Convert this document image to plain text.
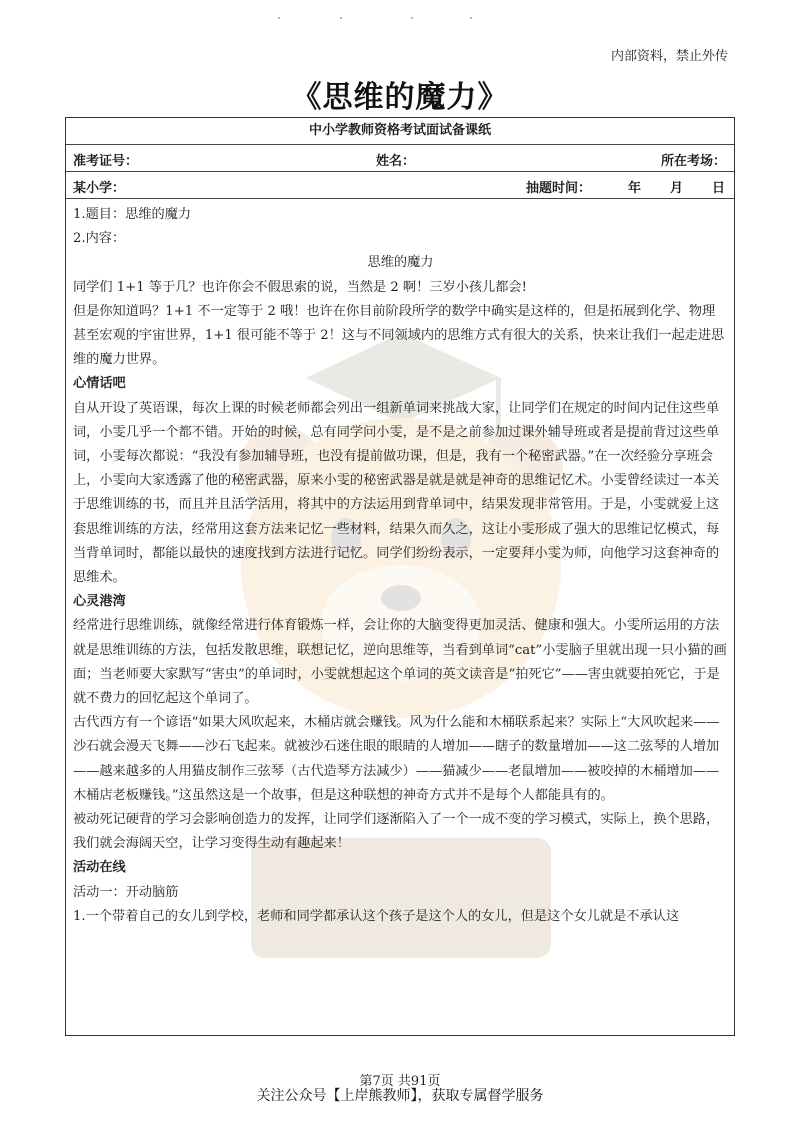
内部资料，禁止外传
《思维的魔力》
中小学教师资格考试面试备课纸
准考证号：	姓名：	所在考场：
某小学：	抽题时间：	年 月 日

1.题目：思维的魔力

2.内容：

思维的魔力

同学们 1+1 等于几？也许你会不假思索的说，当然是 2 啊！三岁小孩儿都会!

但是你知道吗？1+1 不一定等于 2 哦！也许在你目前阶段所学的数学中确实是这样的，但是拓展到化学、物理甚至宏观的宇宙世界，1+1 很可能不等于 2！这与不同领域内的思维方式有很大的关系，快来让我们一起走进思维的魔力世界。

心情话吧

自从开设了英语课，每次上课的时候老师都会列出一组新单词来挑战大家，让同学们在规定的时间内记住这些单词，小雯几乎一个都不错。开始的时候，总有同学问小雯，是不是之前参加过课外辅导班或者是提前背过这些单词，小雯每次都说：“我没有参加辅导班，也没有提前做功课，但是，我有一个秘密武器。”在一次经验分享班会上，小雯向大家透露了他的秘密武器，原来小雯的秘密武器是就是就是神奇的思维记忆术。小雯曾经读过一本关于思维训练的书，而且并且活学活用，将其中的方法运用到背单词中，结果发现非常管用。于是，小雯就爱上这套思维训练的方法，经常用这套方法来记忆一些材料，结果久而久之，这让小雯形成了强大的思维记忆模式，每当背单词时，都能以最快的速度找到方法进行记忆。同学们纷纷表示，一定要拜小雯为师，向他学习这套神奇的思维术。

心灵港湾

经常进行思维训练，就像经常进行体育锻炼一样，会让你的大脑变得更加灵活、健康和强大。小雯所运用的方法就是思维训练的方法，包括发散思维，联想记忆，逆向思维等，当看到单词“cat”小雯脑子里就出现一只小猫的画面；当老师要大家默写“害虫”的单词时，小雯就想起这个单词的英文读音是“拍死它”——害虫就要拍死它，于是就不费力的回忆起这个单词了。

古代西方有一个谚语“如果大风吹起来，木桶店就会赚钱。风为什么能和木桶联系起来？实际上“大风吹起来——沙石就会漫天飞舞——沙石飞起来。就被沙石迷住眼的眼睛的人增加——瞎子的数量增加——这二弦琴的人增加——越来越多的人用猫皮制作三弦琴（古代造琴方法减少）——猫减少——老鼠增加——被咬掉的木桶增加——木桶店老板赚钱。”这虽然这是一个故事，但是这种联想的神奇方式并不是每个人都能具有的。

被动死记硬背的学习会影响创造力的发挥，让同学们逐渐陷入了一个一成不变的学习模式，实际上，换个思路，我们就会海阔天空，让学习变得生动有趣起来！

活动在线

活动一：开动脑筋

1.一个带着自己的女儿到学校，老师和同学都承认这个孩子是这个人的女儿，但是这个女儿就是不承认这

第7页 共91页
关注公众号【上岸熊教师】，获取专属督学服务
